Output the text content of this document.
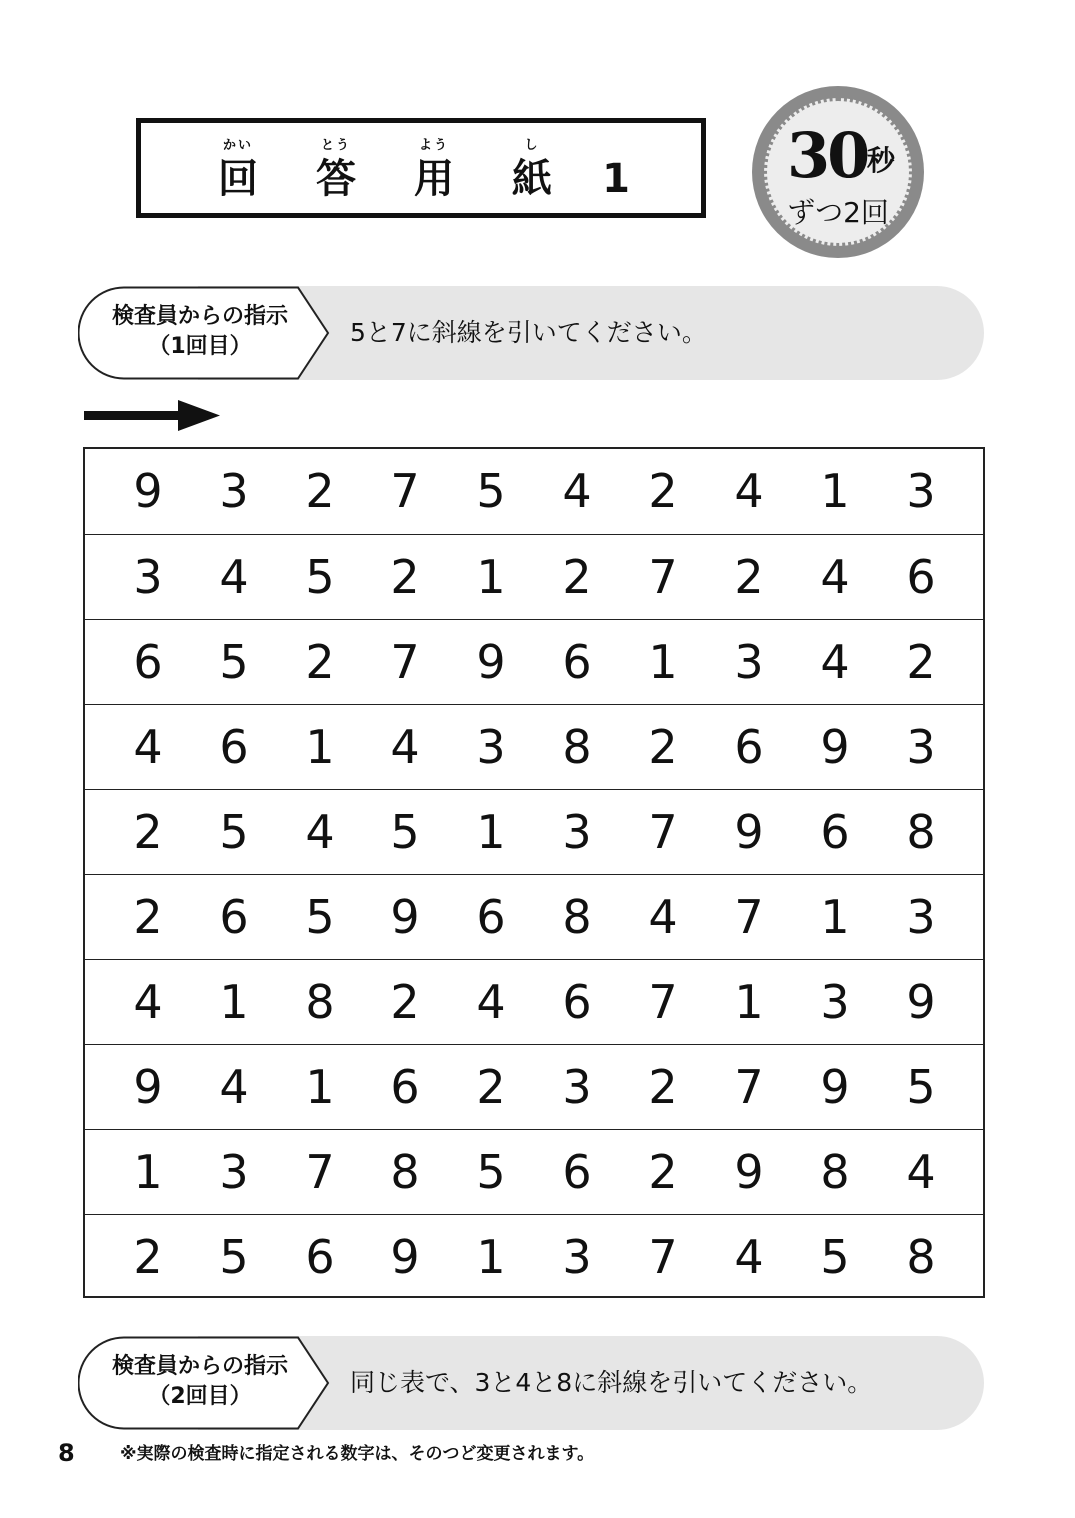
かい
回
とう
答
よう
用
し
紙	1	30 秒
ずつ2回
検査員からの指示
（1回目）	5と7に斜線を引いてください。
9	3	2	7	5	4	2	4	1	3
3	4	5	2	1	2	7	2	4	6
6	5	2	7	9	6	1	3	4	2
4	6	1	4	3	8	2	6	9	3
2	5	4	5	1	3	7	9	6	8
2	6	5	9	6	8	4	7	1	3
4	1	8	2	4	6	7	1	3	9
9	4	1	6	2	3	2	7	9	5
1	3	7	8	5	6	2	9	8	4
2	5	6	9	1	3	7	4	5	8
検査員からの指示
（2回目）	同じ表で、3と4と8に斜線を引いてください。
8	※実際の検査時に指定される数字は、そのつど変更されます。
